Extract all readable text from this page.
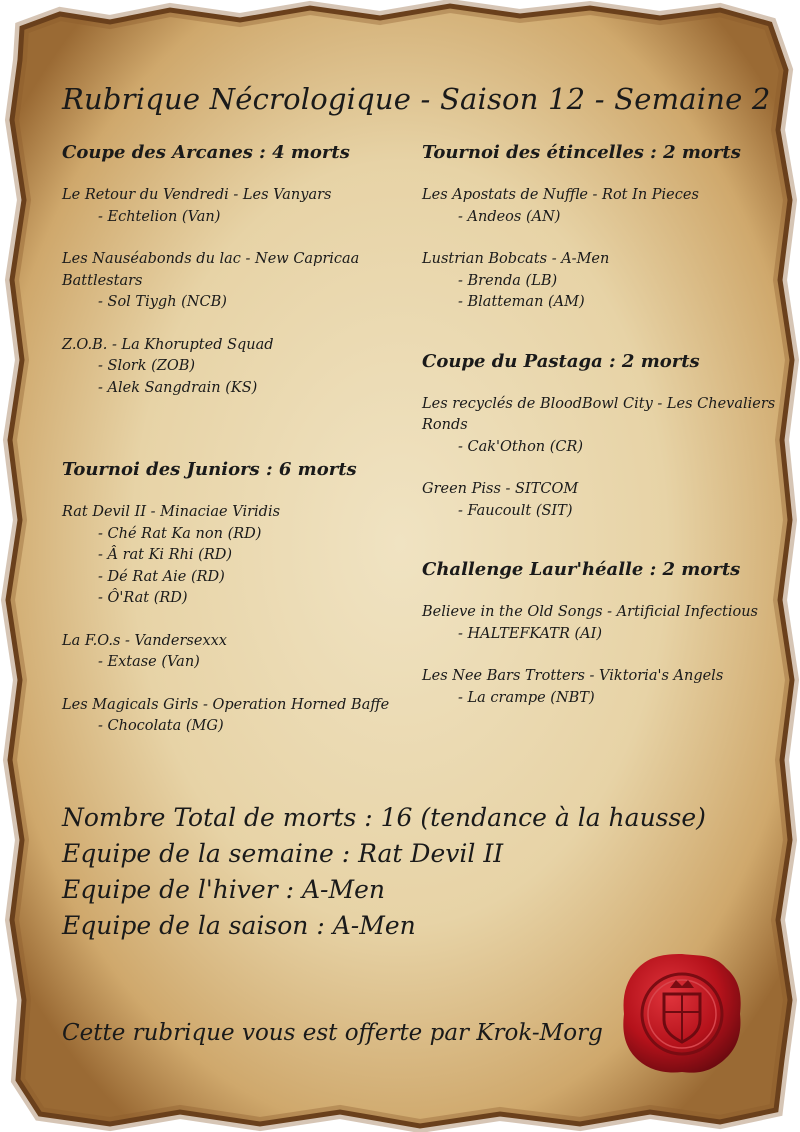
Rubrique Nécrologique - Saison 12 - Semaine 2
Coupe des Arcanes : 4 morts
Le Retour du Vendredi - Les Vanyars
- Echtelion (Van)
Les Nauséabonds du lac - New Capricaa Battlestars
- Sol Tiygh (NCB)
Z.O.B. - La Khorupted Squad
- Slork (ZOB)
- Alek Sangdrain (KS)
Tournoi des Juniors : 6 morts
Rat Devil II - Minaciae Viridis
- Ché Rat Ka non (RD)
- Â rat Ki Rhi (RD)
- Dé Rat Aie (RD)
- Ô'Rat (RD)
La F.O.s - Vandersexxx
- Extase (Van)
Les Magicals Girls - Operation Horned Baffe
- Chocolata (MG)
Tournoi des étincelles : 2 morts
Les Apostats de Nuffle - Rot In Pieces
- Andeos (AN)
Lustrian Bobcats - A-Men
- Brenda (LB)
- Blatteman (AM)
Coupe du Pastaga : 2 morts
Les recyclés de BloodBowl City - Les Chevaliers Ronds
- Cak'Othon (CR)
Green Piss - SITCOM
- Faucoult (SIT)
Challenge Laur'héalle : 2 morts
Believe in the Old Songs - Artificial Infectious
- HALTEFKATR (AI)
Les Nee Bars Trotters - Viktoria's Angels
- La crampe (NBT)
Nombre Total de morts : 16 (tendance à la hausse)
Equipe de la semaine : Rat Devil II
Equipe de l'hiver : A-Men
Equipe de la saison : A-Men
Cette rubrique vous est offerte par Krok-Morg
